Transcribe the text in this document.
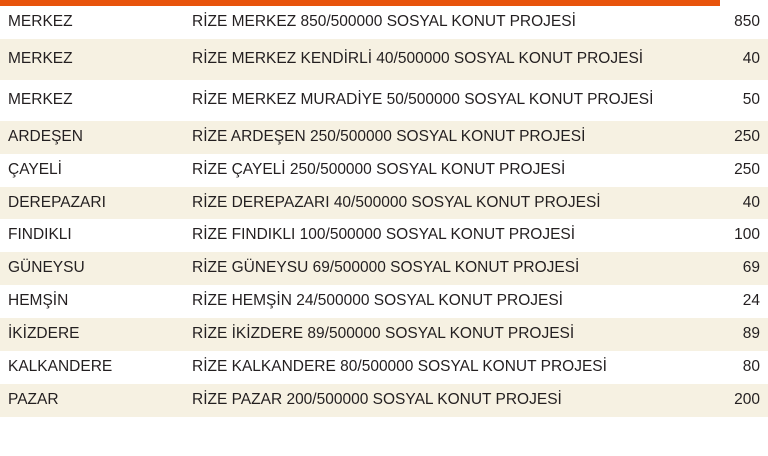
MERKEZ	RİZE MERKEZ 850/500000 SOSYAL KONUT PROJESİ	850
MERKEZ	RİZE MERKEZ KENDİRLİ 40/500000 SOSYAL KONUT PROJESİ	40
MERKEZ	RİZE MERKEZ MURADİYE 50/500000 SOSYAL KONUT PROJESİ	50
ARDEŞEN	RİZE ARDEŞEN 250/500000 SOSYAL KONUT PROJESİ	250
ÇAYELİ	RİZE ÇAYELİ 250/500000 SOSYAL KONUT PROJESİ	250
DEREPAZARI	RİZE DEREPAZARI 40/500000 SOSYAL KONUT PROJESİ	40
FINDIKLI	RİZE FINDIKLI 100/500000 SOSYAL KONUT PROJESİ	100
GÜNEYSU	RİZE GÜNEYSU 69/500000 SOSYAL KONUT PROJESİ	69
HEMŞİN	RİZE HEMŞİN 24/500000 SOSYAL KONUT PROJESİ	24
İKİZDERE	RİZE İKİZDERE 89/500000 SOSYAL KONUT PROJESİ	89
KALKANDERE	RİZE KALKANDERE 80/500000 SOSYAL KONUT PROJESİ	80
PAZAR	RİZE PAZAR 200/500000 SOSYAL KONUT PROJESİ	200
